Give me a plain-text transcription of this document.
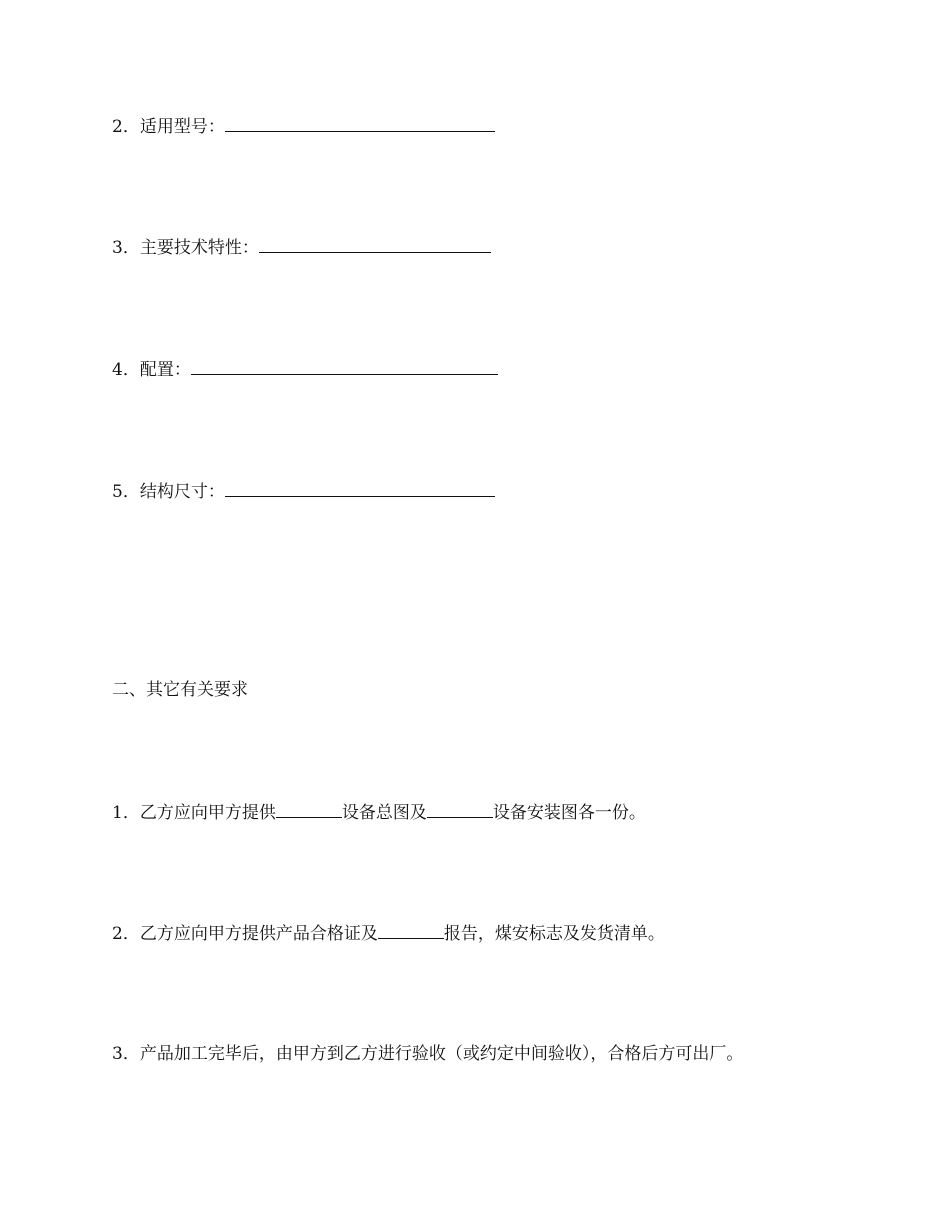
2．适用型号：
3．主要技术特性：
4．配置：
5．结构尺寸：
二、其它有关要求
1．乙方应向甲方提供	设备总图及	设备安装图各一份。
2．乙方应向甲方提供产品合格证及	报告，煤安标志及发货清单。
3．产品加工完毕后，由甲方到乙方进行验收（或约定中间验收），合格后方可出厂。
